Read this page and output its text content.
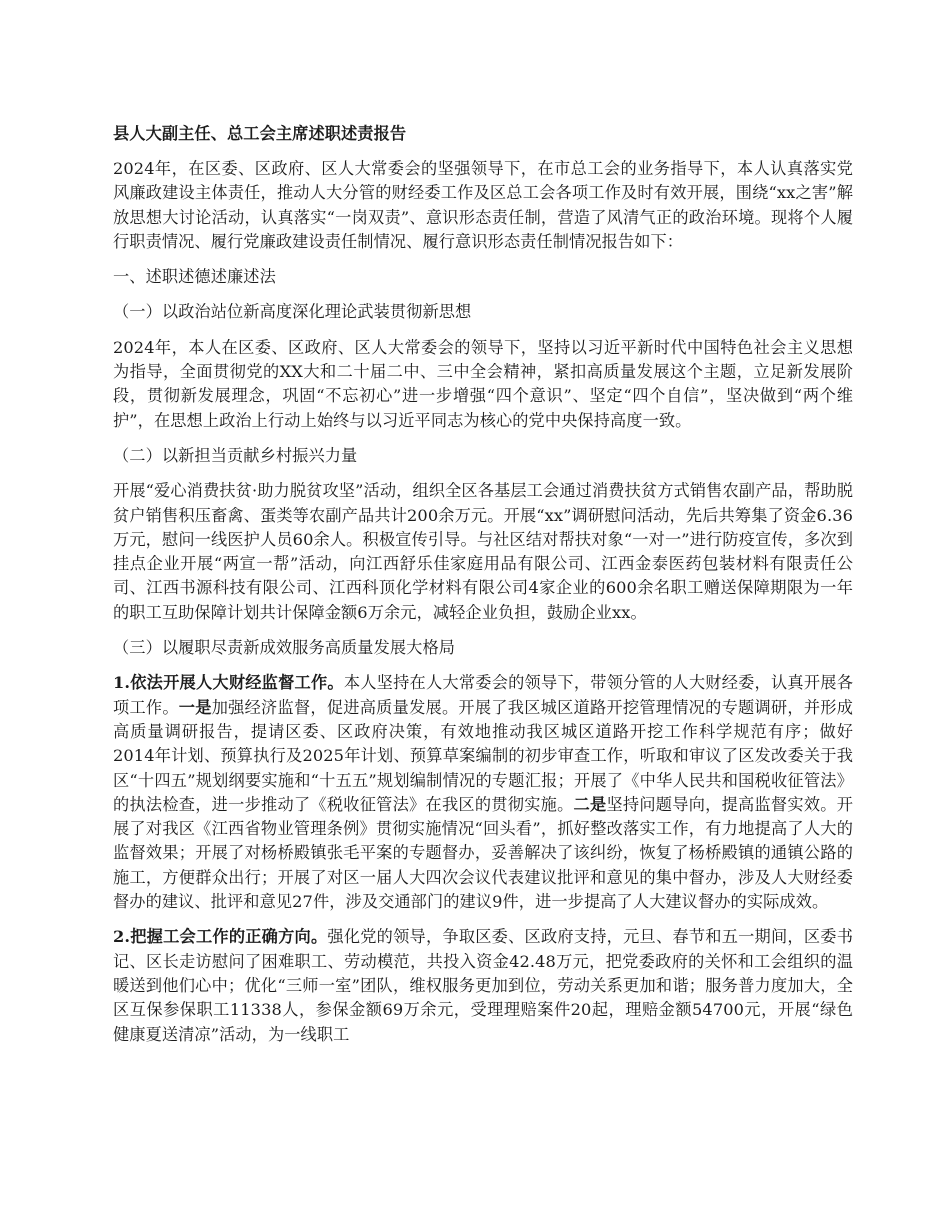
县人大副主任、总工会主席述职述责报告

2024年，在区委、区政府、区人大常委会的坚强领导下，在市总工会的业务指导下，本人认真落实党风廉政建设主体责任，推动人大分管的财经委工作及区总工会各项工作及时有效开展，围绕“xx之害”解放思想大讨论活动，认真落实“一岗双责”、意识形态责任制，营造了风清气正的政治环境。现将个人履行职责情况、履行党廉政建设责任制情况、履行意识形态责任制情况报告如下：

一、述职述德述廉述法

（一）以政治站位新高度深化理论武装贯彻新思想

2024年，本人在区委、区政府、区人大常委会的领导下，坚持以习近平新时代中国特色社会主义思想为指导，全面贯彻党的XX大和二十届二中、三中全会精神，紧扣高质量发展这个主题，立足新发展阶段，贯彻新发展理念，巩固“不忘初心”进一步增强“四个意识”、坚定“四个自信”，坚决做到“两个维护”，在思想上政治上行动上始终与以习近平同志为核心的党中央保持高度一致。

（二）以新担当贡献乡村振兴力量

开展“爱心消费扶贫·助力脱贫攻坚”活动，组织全区各基层工会通过消费扶贫方式销售农副产品，帮助脱贫户销售积压畜禽、蛋类等农副产品共计200余万元。开展“xx”调研慰问活动，先后共筹集了资金6.36万元，慰问一线医护人员60余人。积极宣传引导。与社区结对帮扶对象“一对一”进行防疫宣传，多次到挂点企业开展“两宣一帮”活动，向江西舒乐佳家庭用品有限公司、江西金泰医药包装材料有限责任公司、江西书源科技有限公司、江西科顶化学材料有限公司4家企业的600余名职工赠送保障期限为一年的职工互助保障计划共计保障金额6万余元，减轻企业负担，鼓励企业xx。

（三）以履职尽责新成效服务高质量发展大格局

1.依法开展人大财经监督工作。本人坚持在人大常委会的领导下，带领分管的人大财经委，认真开展各项工作。一是加强经济监督，促进高质量发展。开展了我区城区道路开挖管理情况的专题调研，并形成高质量调研报告，提请区委、区政府决策，有效地推动我区城区道路开挖工作科学规范有序；做好2014年计划、预算执行及2025年计划、预算草案编制的初步审查工作，听取和审议了区发改委关于我区“十四五”规划纲要实施和“十五五”规划编制情况的专题汇报；开展了《中华人民共和国税收征管法》的执法检查，进一步推动了《税收征管法》在我区的贯彻实施。二是坚持问题导向，提高监督实效。开展了对我区《江西省物业管理条例》贯彻实施情况“回头看”，抓好整改落实工作，有力地提高了人大的监督效果；开展了对杨桥殿镇张毛平案的专题督办，妥善解决了该纠纷，恢复了杨桥殿镇的通镇公路的施工，方便群众出行；开展了对区一届人大四次会议代表建议批评和意见的集中督办，涉及人大财经委督办的建议、批评和意见27件，涉及交通部门的建议9件，进一步提高了人大建议督办的实际成效。

2.把握工会工作的正确方向。强化党的领导，争取区委、区政府支持，元旦、春节和五一期间，区委书记、区长走访慰问了困难职工、劳动模范，共投入资金42.48万元，把党委政府的关怀和工会组织的温暖送到他们心中；优化“三师一室”团队，维权服务更加到位，劳动关系更加和谐；服务普力度加大，全区互保参保职工11338人，参保金额69万余元，受理理赔案件20起，理赔金额54700元，开展“绿色健康夏送清凉”活动，为一线职工
